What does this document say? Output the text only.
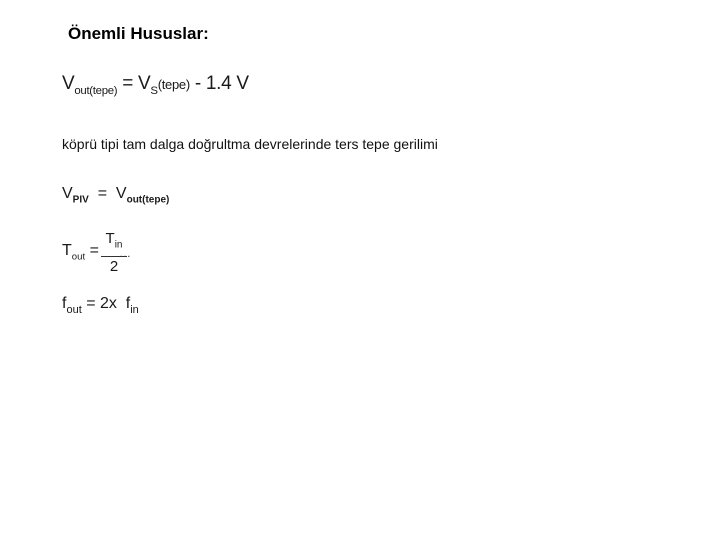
Önemli Hususlar:
$V_{out(tepe)}$ = $V_S(tepe) - 1.4$ V
köprü tipi tam dalga doğrultma devrelerinde ters tepe gerilimi
$V_{PIV} = V_{out(tepe)}$
$T_{out}$ =
$T_{in}$
2
…
$f_{out} = 2x$ $f_{in}$
